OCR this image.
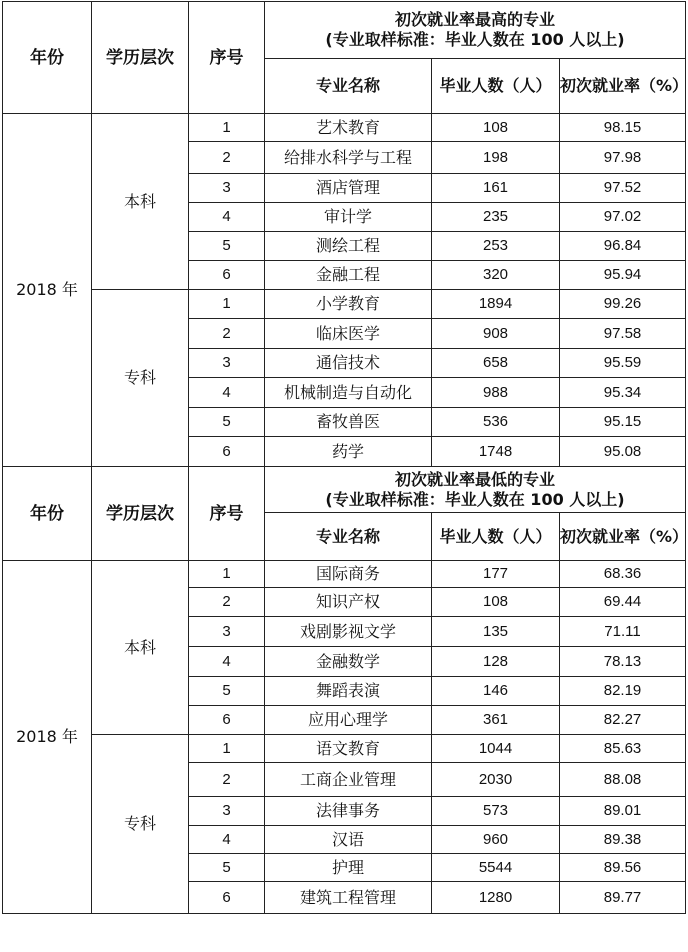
年份	学历层次	序号	初次就业率最高的专业
(专业取样标准：毕业人数在 100 人以上)		

			专业名称	毕业人数（人）	初次就业率（%）
2018 年	本科	1	艺术教育	108	98.15
		2	给排水科学与工程	198	97.98
		3	酒店管理	161	97.52
		4	审计学	235	97.02
		5	测绘工程	253	96.84
		6	金融工程	320	95.94
	专科	1	小学教育	1894	99.26
		2	临床医学	908	97.58
		3	通信技术	658	95.59
		4	机械制造与自动化	988	95.34
		5	畜牧兽医	536	95.15
		6	药学	1748	95.08
年份	学历层次	序号	初次就业率最低的专业
(专业取样标准：毕业人数在 100 人以上)		

			专业名称	毕业人数（人）	初次就业率（%）
2018 年	本科	1	国际商务	177	68.36
		2	知识产权	108	69.44
		3	戏剧影视文学	135	71.11
		4	金融数学	128	78.13
		5	舞蹈表演	146	82.19
		6	应用心理学	361	82.27
	专科	1	语文教育	1044	85.63
		2	工商企业管理	2030	88.08
		3	法律事务	573	89.01
		4	汉语	960	89.38
		5	护理	5544	89.56
		6	建筑工程管理	1280	89.77
